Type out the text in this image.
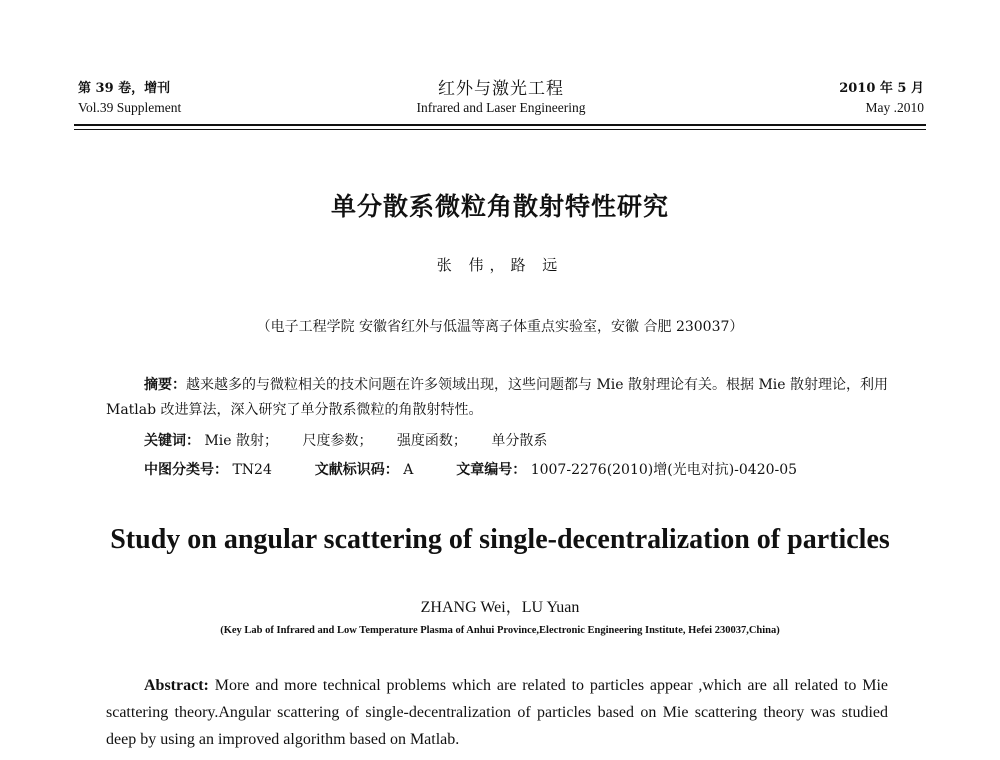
第 39 卷，增刊
Vol.39 Supplement
红外与激光工程
Infrared and Laser Engineering
2010 年 5 月
May .2010
单分散系微粒角散射特性研究
张 伟，路 远
（电子工程学院 安徽省红外与低温等离子体重点实验室，安徽 合肥 230037）
摘要：越来越多的与微粒相关的技术问题在许多领域出现，这些问题都与 Mie 散射理论有关。根据 Mie 散射理论，利用 Matlab 改进算法，深入研究了单分散系微粒的角散射特性。
关键词： Mie 散射； 尺度参数； 强度函数； 单分散系
中图分类号： TN24	文献标识码： A	文章编号： 1007-2276(2010)增(光电对抗)-0420-05
Study on angular scattering of single-decentralization of particles
ZHANG Wei，LU Yuan
(Key Lab of Infrared and Low Temperature Plasma of Anhui Province,Electronic Engineering Institute, Hefei 230037,China)
Abstract: More and more technical problems which are related to particles appear ,which are all related to Mie scattering theory.Angular scattering of single-decentralization of particles based on Mie scattering theory was studied deep by using an improved algorithm based on Matlab.
